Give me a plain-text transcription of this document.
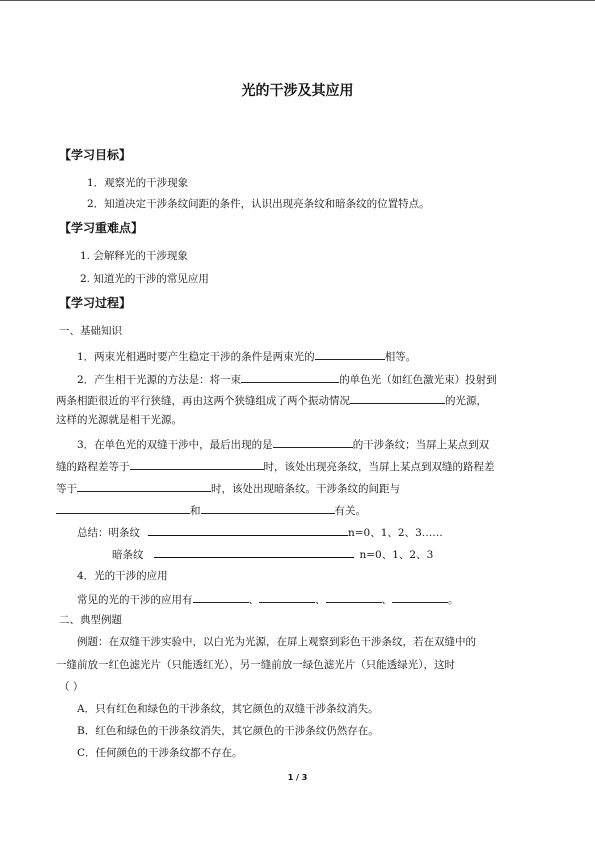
光的干涉及其应用
【学习目标】
1．观察光的干涉现象
2．知道决定干涉条纹间距的条件，认识出现亮条纹和暗条纹的位置特点。
【学习重难点】
1. 会解释光的干涉现象
2. 知道光的干涉的常见应用
【学习过程】
一、基础知识
1．两束光相遇时要产生稳定干涉的条件是两束光的	相等。
2．产生相干光源的方法是：将一束	的单色光（如红色激光束）投射到
两条相距很近的平行狭缝，再由这两个狭缝组成了两个振动情况	的光源，
这样的光源就是相干光源。
3．在单色光的双缝干涉中，最后出现的是	的干涉条纹；当屏上某点到双
缝的路程差等于	时，该处出现亮条纹，当屏上某点到双缝的路程差
等于	时，该处出现暗条纹。干涉条纹的间距与
和	有关。
总结：明条纹	n=0、1、2、3……
暗条纹	n=0、1、2、3
4．光的干涉的应用
常见的光的干涉的应用有	、	、	、	。
二、典型例题
例题：在双缝干涉实验中，以白光为光源，在屏上观察到彩色干涉条纹，若在双缝中的
一缝前放一红色滤光片（只能透红光），另一缝前放一绿色滤光片（只能透绿光），这时
（ ）
A．只有红色和绿色的干涉条纹，其它颜色的双缝干涉条纹消失。
B．红色和绿色的干涉条纹消失，其它颜色的干涉条纹仍然存在。
C．任何颜色的干涉条纹都不存在。
1 / 3
